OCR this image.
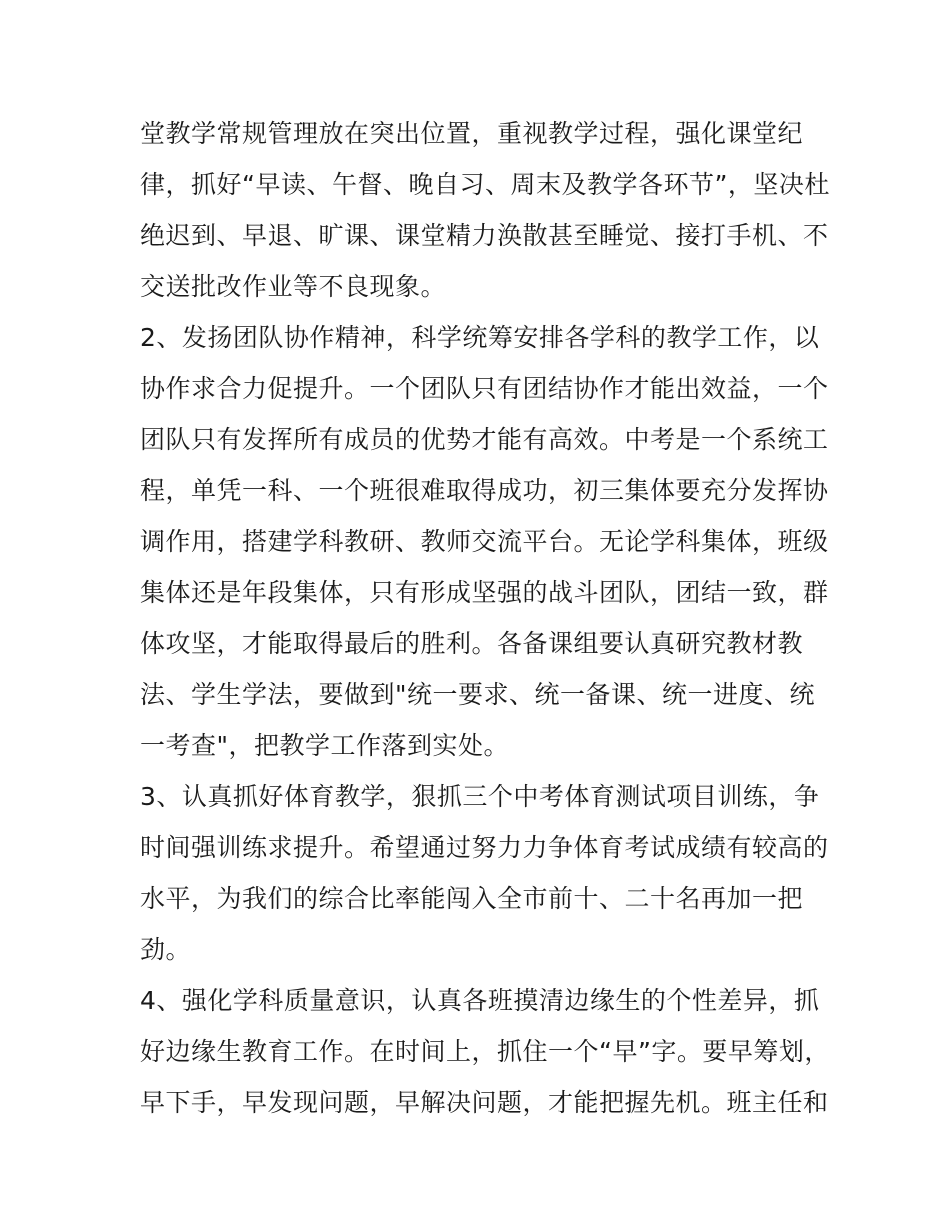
堂教学常规管理放在突出位置，重视教学过程，强化课堂纪
律，抓好“早读、午督、晚自习、周末及教学各环节”，坚决杜
绝迟到、早退、旷课、课堂精力涣散甚至睡觉、接打手机、不
交送批改作业等不良现象。
2、发扬团队协作精神，科学统筹安排各学科的教学工作，以
协作求合力促提升。一个团队只有团结协作才能出效益，一个
团队只有发挥所有成员的优势才能有高效。中考是一个系统工
程，单凭一科、一个班很难取得成功，初三集体要充分发挥协
调作用，搭建学科教研、教师交流平台。无论学科集体，班级
集体还是年段集体，只有形成坚强的战斗团队，团结一致，群
体攻坚，才能取得最后的胜利。各备课组要认真研究教材教
法、学生学法，要做到"统一要求、统一备课、统一进度、统
一考查"，把教学工作落到实处。
3、认真抓好体育教学，狠抓三个中考体育测试项目训练，争
时间强训练求提升。希望通过努力力争体育考试成绩有较高的
水平，为我们的综合比率能闯入全市前十、二十名再加一把
劲。
4、强化学科质量意识，认真各班摸清边缘生的个性差异，抓
好边缘生教育工作。在时间上，抓住一个“早”字。要早筹划，
早下手，早发现问题，早解决问题，才能把握先机。班主任和
